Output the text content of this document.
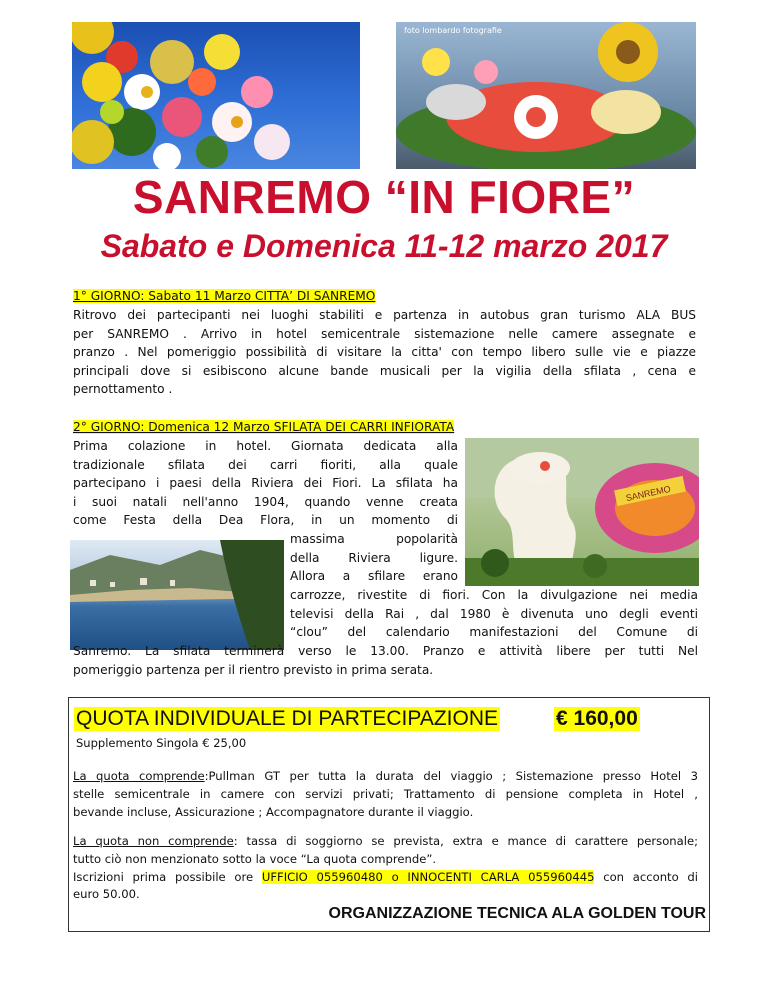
foto lombardo fotografie
SANREMO “IN FIORE”
Sabato e Domenica 11-12 marzo 2017
1° GIORNO: Sabato 11 Marzo CITTA’ DI SANREMO
Ritrovo dei partecipanti nei luoghi stabiliti e partenza in autobus gran turismo ALA BUS
per SANREMO . Arrivo in hotel semicentrale sistemazione nelle camere assegnate e
pranzo . Nel pomeriggio possibilità di visitare la citta' con tempo libero sulle vie e piazze
principali dove si esibiscono alcune bande musicali per la vigilia della sfilata , cena e
pernottamento .
2° GIORNO: Domenica 12 Marzo SFILATA DEI CARRI INFIORATA
SANREMO
Prima colazione in hotel. Giornata dedicata alla
tradizionale sfilata dei carri fioriti, alla quale
partecipano i paesi della Riviera dei Fiori. La sfilata ha
i suoi natali nell'anno 1904, quando venne creata
come Festa della Dea Flora, in un momento di
massima popolarità
della Riviera ligure.
Allora a sfilare erano
carrozze, rivestite di fiori. Con la divulgazione nei media
televisi della Rai , dal 1980 è divenuta uno degli eventi
“clou” del calendario manifestazioni del Comune di
Sanremo. La sfilata terminerà verso le 13.00. Pranzo e attività libere per tutti Nel
pomeriggio partenza per il rientro previsto in prima serata.
QUOTA INDIVIDUALE DI PARTECIPAZIONE	€ 160,00
Supplemento Singola € 25,00
La quota comprende:Pullman GT per tutta la durata del viaggio ; Sistemazione presso Hotel 3
stelle semicentrale in camere con servizi privati; Trattamento di pensione completa in Hotel ,
bevande incluse, Assicurazione ; Accompagnatore durante il viaggio.
La quota non comprende: tassa di soggiorno se prevista, extra e mance di carattere personale;
tutto ciò non menzionato sotto la voce “La quota comprende”.
Iscrizioni prima possibile ore UFFICIO 055960480 o INNOCENTI CARLA 055960445 con acconto di
euro 50.00.
ORGANIZZAZIONE TECNICA ALA GOLDEN TOUR
